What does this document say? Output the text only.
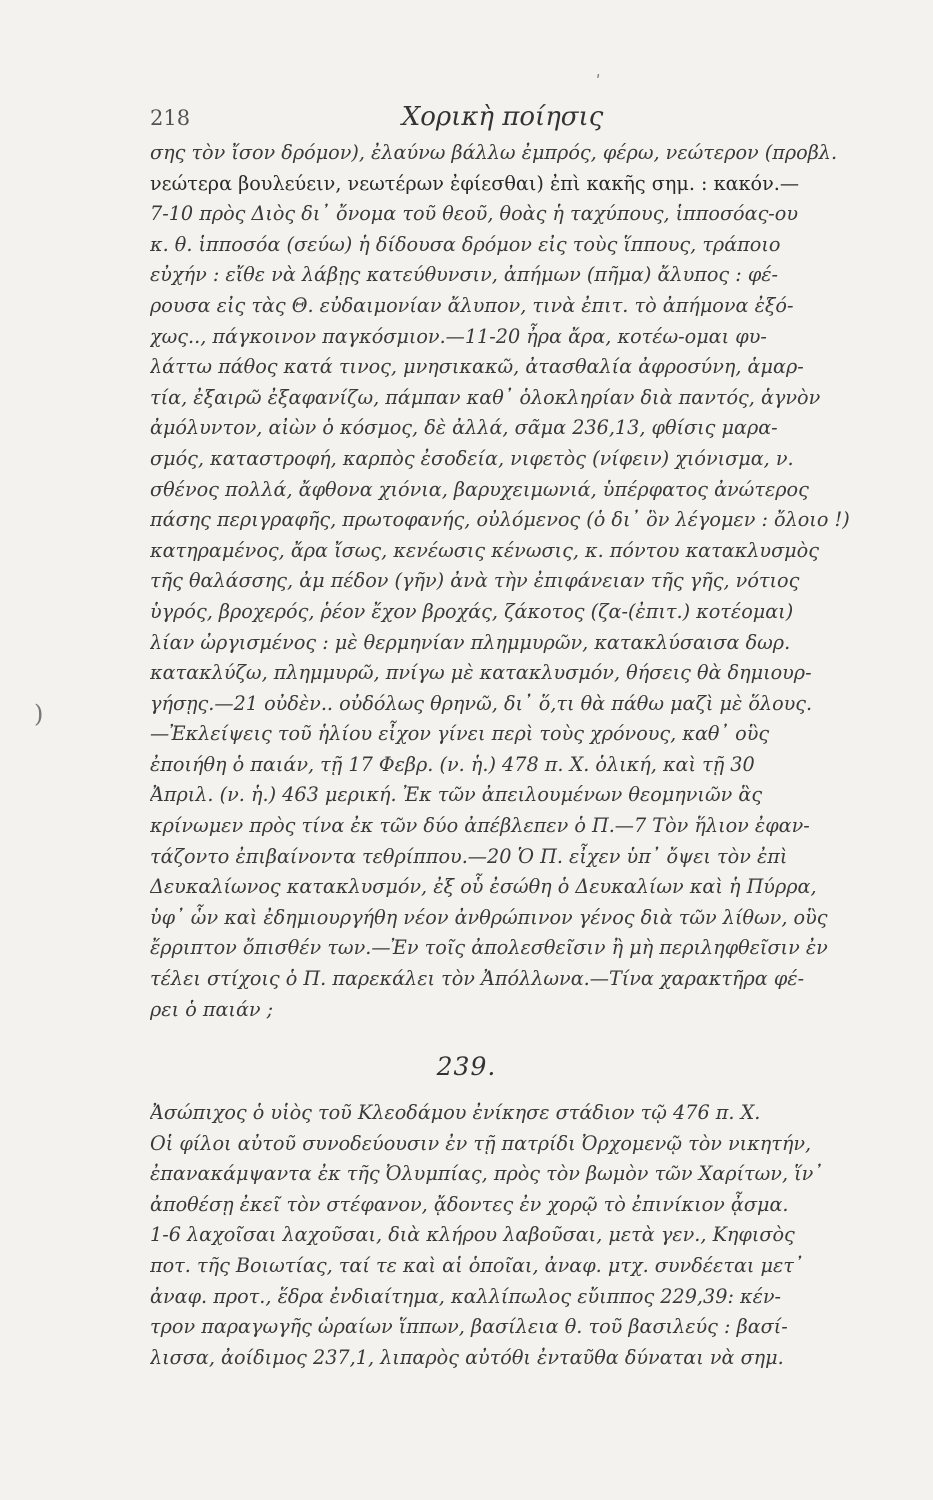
218	Χορικὴ ποίησις
σης τὸν ἴσον δρόμον), ἐλαύνω βάλλω ἐμπρός, φέρω, νεώτερον (προβλ.
νεώτερα βουλεύειν, νεωτέρων ἐφίεσθαι) ἐπὶ κακῆς σημ. : κακόν.—
7-10 πρὸς Διὸς δι᾿ ὄνομα τοῦ θεοῦ, θοὰς ἡ ταχύπους, ἱπποσόας-ου
κ. θ. ἱπποσόα (σεύω) ἡ δίδουσα δρόμον εἰς τοὺς ἵππους, τράποιο
εὐχήν : εἴθε νὰ λάβῃς κατεύθυνσιν, ἀπήμων (πῆμα) ἄλυπος : φέ-
ρουσα εἰς τὰς Θ. εὐδαιμονίαν ἄλυπον, τινὰ ἐπιτ. τὸ ἀπήμονα ἐξό-
χως.., πάγκοινον παγκόσμιον.—11-20 ἦρα ἄρα, κοτέω-ομαι φυ-
λάττω πάθος κατά τινος, μνησικακῶ, ἀτασθαλία ἀφροσύνη, ἁμαρ-
τία, ἐξαιρῶ ἐξαφανίζω, πάμπαν καθ᾿ ὁλοκληρίαν διὰ παντός, ἁγνὸν
ἀμόλυντον, αἰὼν ὁ κόσμος, δὲ ἀλλά, σᾶμα 236,13, φθίσις μαρα-
σμός, καταστροφή, καρπὸς ἐσοδεία, νιφετὸς (νίφειν) χιόνισμα, ν.
σθένος πολλά, ἄφθονα χιόνια, βαρυχειμωνιά, ὑπέρφατος ἀνώτερος
πάσης περιγραφῆς, πρωτοφανής, οὐλόμενος (ὁ δι᾿ ὃν λέγομεν : ὄλοιο !)
κατηραμένος, ἄρα ἴσως, κενέωσις κένωσις, κ. πόντου κατακλυσμὸς
τῆς θαλάσσης, ἀμ πέδον (γῆν) ἀνὰ τὴν ἐπιφάνειαν τῆς γῆς, νότιος
ὑγρός, βροχερός, ῥέον ἔχον βροχάς, ζάκοτος (ζα-(ἐπιτ.) κοτέομαι)
λίαν ὠργισμένος : μὲ θερμηνίαν πλημμυρῶν, κατακλύσαισα δωρ.
κατακλύζω, πλημμυρῶ, πνίγω μὲ κατακλυσμόν, θήσεις θὰ δημιουρ-
γήσῃς.—21 οὐδὲν.. οὐδόλως θρηνῶ, δι᾿ ὅ,τι θὰ πάθω μαζὶ μὲ ὅλους.
—Ἐκλείψεις τοῦ ἡλίου εἶχον γίνει περὶ τοὺς χρόνους, καθ᾿ οὓς
ἐποιήθη ὁ παιάν, τῇ 17 Φεβρ. (ν. ἡ.) 478 π. Χ. ὁλική, καὶ τῇ 30
Ἀπριλ. (ν. ἡ.) 463 μερική. Ἐκ τῶν ἀπειλουμένων θεομηνιῶν ἃς
κρίνωμεν πρὸς τίνα ἐκ τῶν δύο ἀπέβλεπεν ὁ Π.—7 Τὸν ἥλιον ἐφαν-
τάζοντο ἐπιβαίνοντα τεθρίππου.—20 Ὁ Π. εἶχεν ὑπ᾿ ὄψει τὸν ἐπὶ
Δευκαλίωνος κατακλυσμόν, ἐξ οὗ ἐσώθη ὁ Δευκαλίων καὶ ἡ Πύρρα,
ὑφ᾿ ὧν καὶ ἐδημιουργήθη νέον ἀνθρώπινον γένος διὰ τῶν λίθων, οὓς
ἔρριπτον ὄπισθέν των.—Ἐν τοῖς ἀπολεσθεῖσιν ἢ μὴ περιληφθεῖσιν ἐν
τέλει στίχοις ὁ Π. παρεκάλει τὸν Ἀπόλλωνα.—Τίνα χαρακτῆρα φέ-
ρει ὁ παιάν ;
239.
Ἀσώπιχος ὁ υἱὸς τοῦ Κλεοδάμου ἐνίκησε στάδιον τῷ 476 π. Χ.
Οἱ φίλοι αὐτοῦ συνοδεύουσιν ἐν τῇ πατρίδι Ὀρχομενῷ τὸν νικητήν,
ἐπανακάμψαντα ἐκ τῆς Ὀλυμπίας, πρὸς τὸν βωμὸν τῶν Χαρίτων, ἵν᾿
ἀποθέσῃ ἐκεῖ τὸν στέφανον, ᾄδοντες ἐν χορῷ τὸ ἐπινίκιον ᾆσμα.
1-6 λαχοῖσαι λαχοῦσαι, διὰ κλήρου λαβοῦσαι, μετὰ γεν., Κηφισὸς
ποτ. τῆς Βοιωτίας, ταί τε καὶ αἱ ὁποῖαι, ἀναφ. μτχ. συνδέεται μετ᾿
ἀναφ. προτ., ἕδρα ἐνδιαίτημα, καλλίπωλος εὔιππος 229,39: κέν-
τρον παραγωγῆς ὡραίων ἵππων, βασίλεια θ. τοῦ βασιλεύς : βασί-
λισσα, ἀοίδιμος 237,1, λιπαρὸς αὐτόθι ἐνταῦθα δύναται νὰ σημ.
ʹ
)
